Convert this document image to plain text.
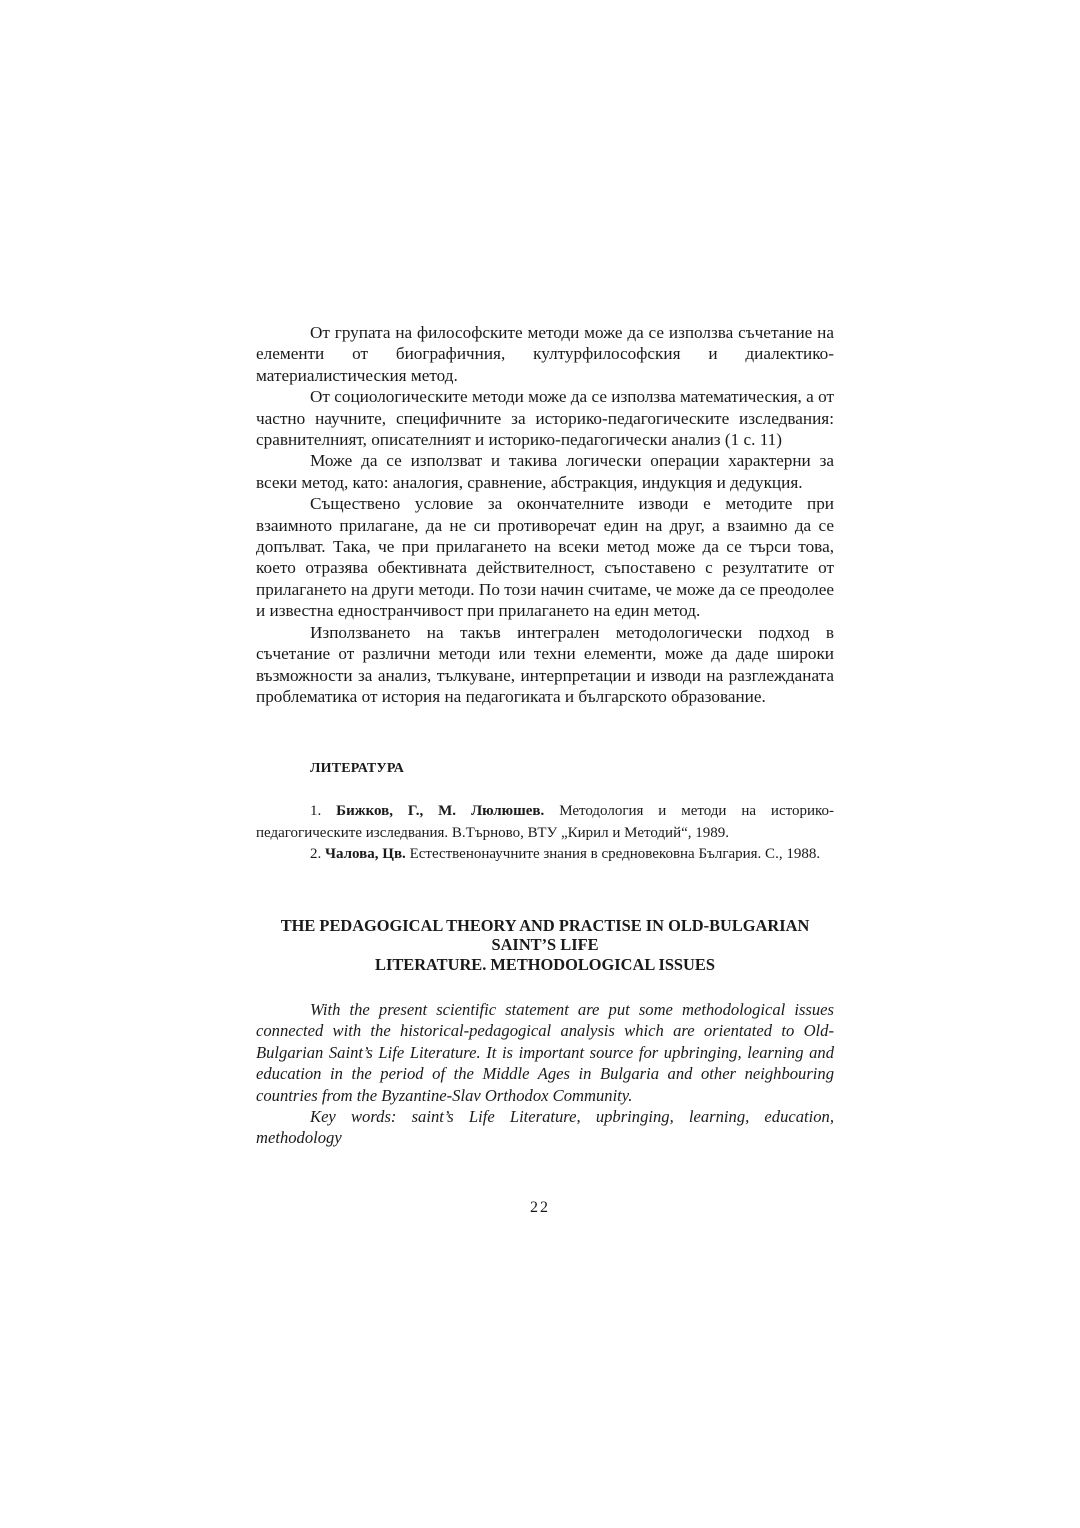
От групата на философските методи може да се използва съчетание на елементи от биографичния, културфилософския и диалектико-материалистическия метод.

От социологическите методи може да се използва математическия, а от частно научните, специфичните за историко-педагогическите изследвания: сравнителният, описателният и историко-педагогически анализ (1 с. 11)

Може да се използват и такива логически операции характерни за всеки метод, като: аналогия, сравнение, абстракция, индукция и дедукция.

Съществено условие за окончателните изводи е методите при взаимното прилагане, да не си противоречат един на друг, а взаимно да се допълват. Така, че при прилагането на всеки метод може да се търси това, което отразява обективната действителност, съпоставено с резултатите от прилагането на други методи. По този начин считаме, че може да се преодолее и известна едностранчивост при прилагането на един метод.

Използването на такъв интегрален методологически подход в съчетание от различни методи или техни елементи, може да даде широки възможности за анализ, тълкуване, интерпретации и изводи на разглежданата проблематика от история на педагогиката и българското образование.

ЛИТЕРАТУРА

1. Бижков, Г., М. Люлюшев. Методология и методи на историко-педагогическите изследвания. В.Търново, ВТУ „Кирил и Методий“, 1989.

2. Чалова, Цв. Естественонаучните знания в средновековна България. С., 1988.

THE PEDAGOGICAL THEORY AND PRACTISE IN OLD-BULGARIAN
SAINT’S LIFE
LITERATURE. METHODOLOGICAL ISSUES

With the present scientific statement are put some methodological issues connected with the historical-pedagogical analysis which are orientated to Old-Bulgarian Saint’s Life Literature. It is important source for upbringing, learning and education in the period of the Middle Ages in Bulgaria and other neighbouring countries from the Byzantine-Slav Orthodox Community.

Key words: saint’s Life Literature, upbringing, learning, education, methodology

22
